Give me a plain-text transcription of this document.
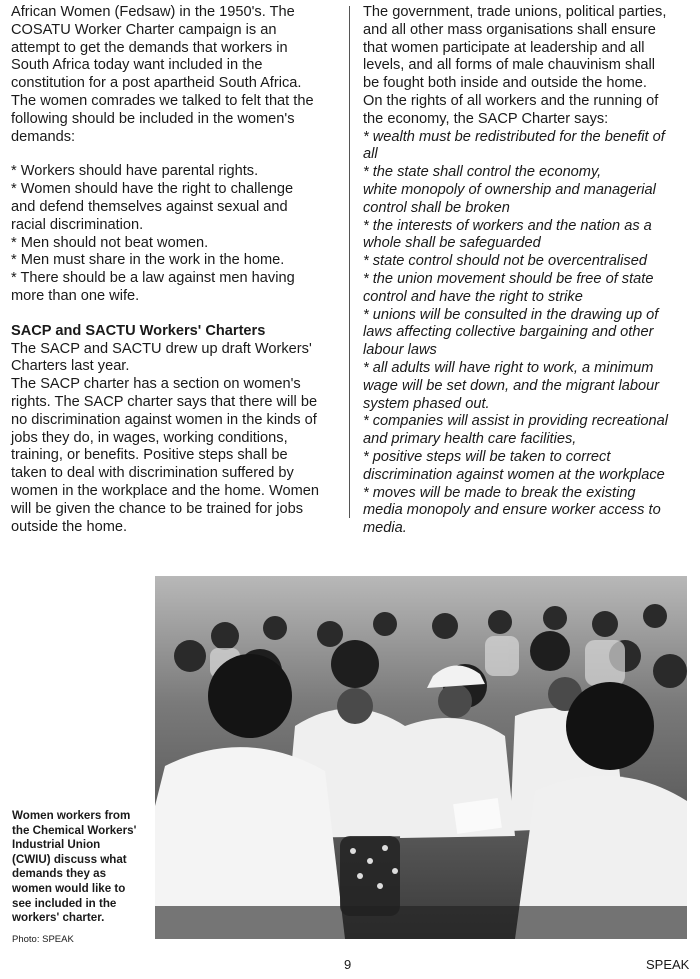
African Women (Fedsaw) in the 1950's. The
COSATU Worker Charter campaign is an
attempt to get the demands that workers in
South Africa today want included in the
constitution for a post apartheid South Africa.
The women comrades we talked to felt that the
following should be included in the women's
demands:
* Workers should have parental rights.
* Women should have the right to challenge
and defend themselves against sexual and
racial discrimination.
* Men should not beat women.
* Men must share in the work in the home.
* There should be a law against men having
more than one wife.
SACP and SACTU Workers' Charters
The SACP and SACTU drew up draft Workers'
Charters last year.
The SACP charter has a section on women's
rights. The SACP charter says that there will be
no discrimination against women in the kinds of
jobs they do, in wages, working conditions,
training, or benefits. Positive steps shall be
taken to deal with discrimination suffered by
women in the workplace and the home. Women
will be given the chance to be trained for jobs
outside the home.
The government, trade unions, political parties,
and all other mass organisations shall ensure
that women participate at leadership and all
levels, and all forms of male chauvinism shall
be fought both inside and outside the home.
On the rights of all workers and the running of
the economy, the SACP Charter says:
* wealth must be redistributed for the benefit of
all
* the state shall control the economy,
white monopoly of ownership and managerial
control shall be broken
* the interests of workers and the nation as a
whole shall be safeguarded
* state control should not be overcentralised
* the union movement should be free of state
control and have the right to strike
* unions will be consulted in the drawing up of
laws affecting collective bargaining and other
labour laws
* all adults will have right to work, a minimum
wage will be set down, and the migrant labour
system phased out.
* companies will assist in providing recreational
and primary health care facilities,
* positive steps will be taken to correct
discrimination against women at the workplace
* moves will be made to break the existing
media monopoly and ensure worker access to
media.
Women workers from
the Chemical Workers'
Industrial Union
(CWIU) discuss what
demands they as
women would like to
see included in the
workers' charter.
Photo: SPEAK
9	SPEAK
